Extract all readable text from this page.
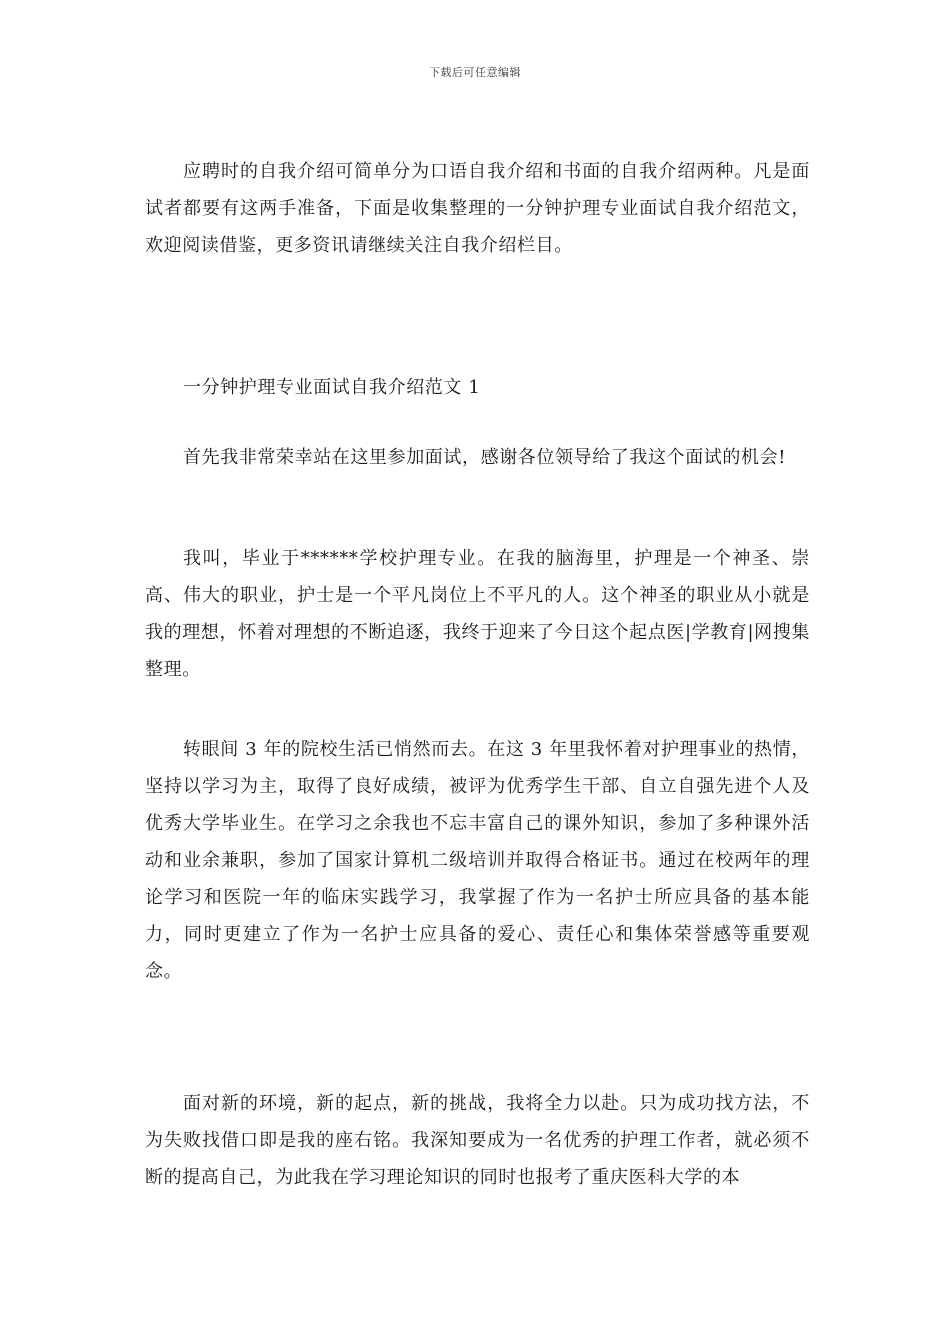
下载后可任意编辑

应聘时的自我介绍可简单分为口语自我介绍和书面的自我介绍两种。凡是面试者都要有这两手准备，下面是收集整理的一分钟护理专业面试自我介绍范文，欢迎阅读借鉴，更多资讯请继续关注自我介绍栏目。

一分钟护理专业面试自我介绍范文 1

首先我非常荣幸站在这里参加面试，感谢各位领导给了我这个面试的机会!

我叫，毕业于******学校护理专业。在我的脑海里，护理是一个神圣、崇高、伟大的职业，护士是一个平凡岗位上不平凡的人。这个神圣的职业从小就是我的理想，怀着对理想的不断追逐，我终于迎来了今日这个起点医|学教育|网搜集整理。

转眼间 3 年的院校生活已悄然而去。在这 3 年里我怀着对护理事业的热情，坚持以学习为主，取得了良好成绩，被评为优秀学生干部、自立自强先进个人及优秀大学毕业生。在学习之余我也不忘丰富自己的课外知识，参加了多种课外活动和业余兼职，参加了国家计算机二级培训并取得合格证书。通过在校两年的理论学习和医院一年的临床实践学习，我掌握了作为一名护士所应具备的基本能力，同时更建立了作为一名护士应具备的爱心、责任心和集体荣誉感等重要观念。

面对新的环境，新的起点，新的挑战，我将全力以赴。只为成功找方法，不为失败找借口即是我的座右铭。我深知要成为一名优秀的护理工作者，就必须不断的提高自己，为此我在学习理论知识的同时也报考了重庆医科大学的本
